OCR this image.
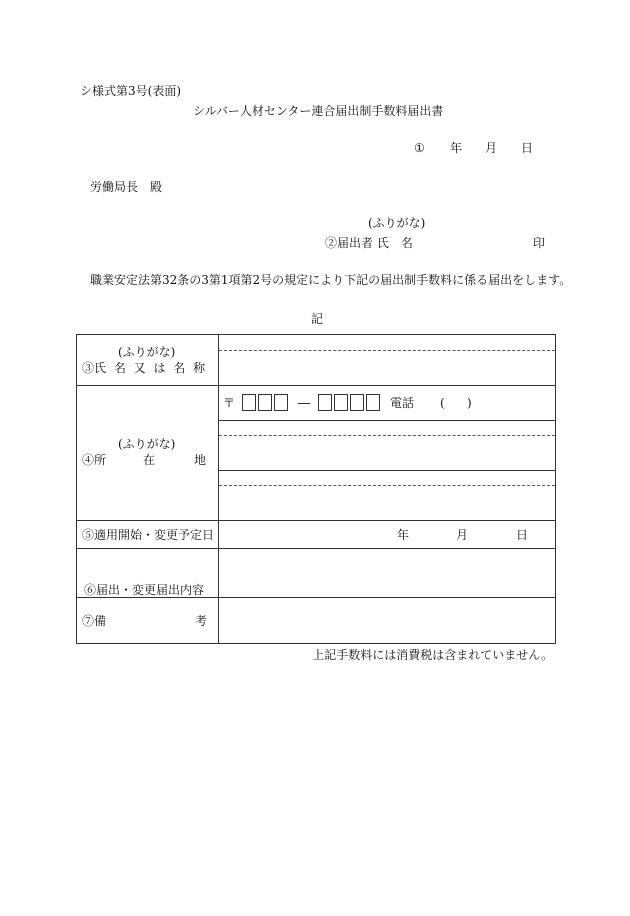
シ様式第3号(表面)
シルバー人材センター連合届出制手数料届出書
① 年 月 日
労働局長　殿
(ふりがな)
②届出者 氏　名	印
職業安定法第32条の3第1項第2号の規定により下記の届出制手数料に係る届出をします。
記
(ふりがな)
③氏 名 又 は 名 称
(ふりがな)
④所	在	地
〒	電話 ( )
⑤適用開始・変更予定日	年	月	日
⑥届出・変更届出内容
⑦備	考
上記手数料には消費税は含まれていません。
